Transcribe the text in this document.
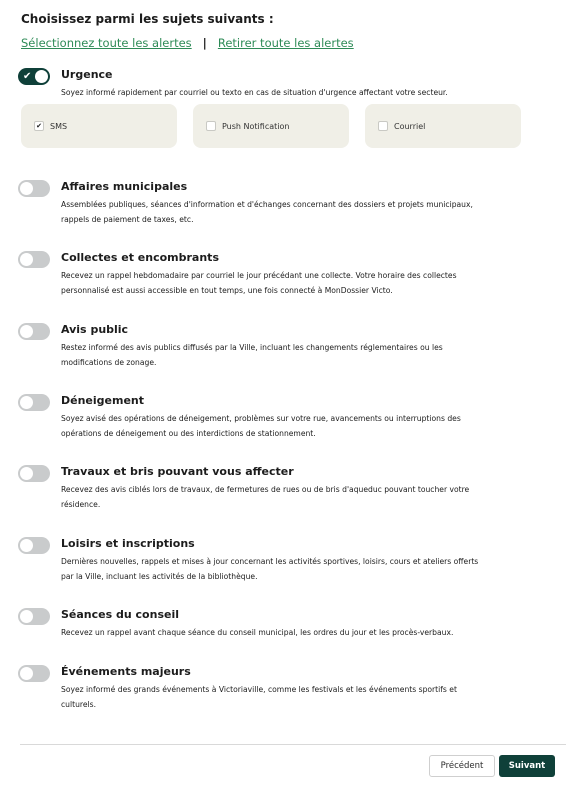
Choisissez parmi les sujets suivants :
Sélectionnez toute les alertes | Retirer toute les alertes
✔	Urgence
Soyez informé rapidement par courriel ou texto en cas de situation d'urgence affectant votre secteur.
✔ SMS	Push Notification	Courriel
Affaires municipales
Assemblées publiques, séances d'information et d'échanges concernant des dossiers et projets municipaux, rappels de paiement de taxes, etc.
Collectes et encombrants
Recevez un rappel hebdomadaire par courriel le jour précédant une collecte. Votre horaire des collectes personnalisé est aussi accessible en tout temps, une fois connecté à MonDossier Victo.
Avis public
Restez informé des avis publics diffusés par la Ville, incluant les changements réglementaires ou les modifications de zonage.
Déneigement
Soyez avisé des opérations de déneigement, problèmes sur votre rue, avancements ou interruptions des opérations de déneigement ou des interdictions de stationnement.
Travaux et bris pouvant vous affecter
Recevez des avis ciblés lors de travaux, de fermetures de rues ou de bris d'aqueduc pouvant toucher votre résidence.
Loisirs et inscriptions
Dernières nouvelles, rappels et mises à jour concernant les activités sportives, loisirs, cours et ateliers offerts par la Ville, incluant les activités de la bibliothèque.
Séances du conseil
Recevez un rappel avant chaque séance du conseil municipal, les ordres du jour et les procès-verbaux.
Événements majeurs
Soyez informé des grands événements à Victoriaville, comme les festivals et les événements sportifs et culturels.
Précédent	Suivant
